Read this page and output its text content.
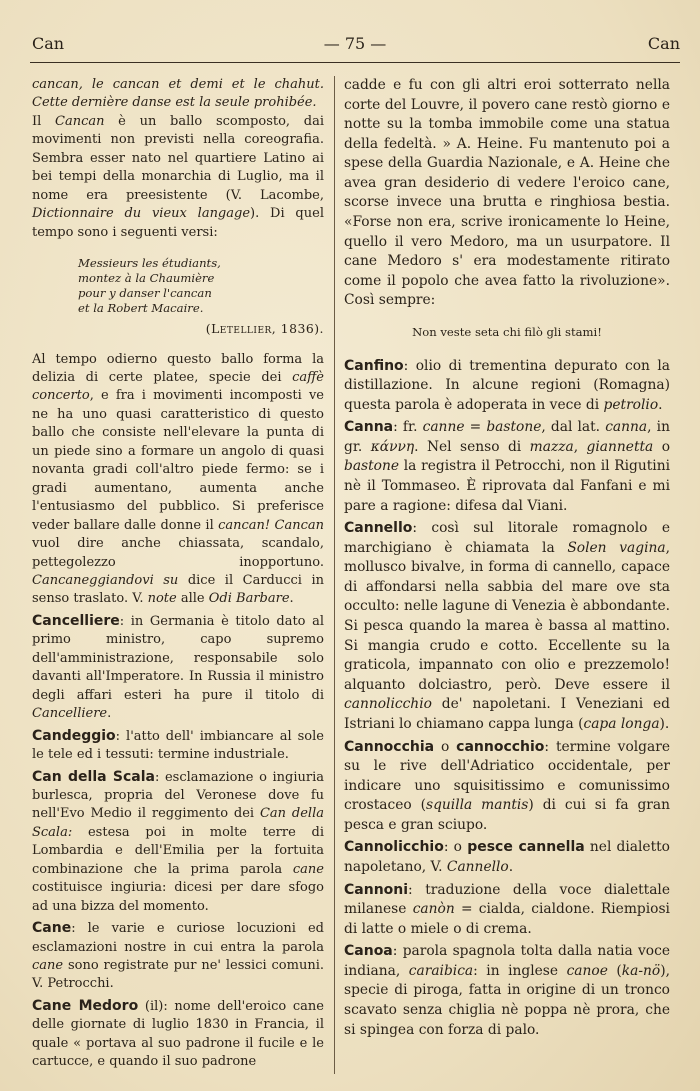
Can	— 75 —	Can

cancan, le cancan et demi et le chahut. Cette dernière danse est la seule prohibée.

Il Cancan è un ballo scomposto, dai movimenti non previsti nella coreografia. Sembra esser nato nel quartiere Latino ai bei tempi della monarchia di Luglio, ma il nome era preesistente (V. Lacombe, Dictionnaire du vieux langage). Di quel tempo sono i seguenti versi:

Messieurs les étudiants,
montez à la Chaumière
pour y danser l'cancan
et la Robert Macaire.
(Letellier, 1836).

Al tempo odierno questo ballo forma la delizia di certe platee, specie dei caffè concerto, e fra i movimenti incomposti ve ne ha uno quasi caratteristico di questo ballo che consiste nell'elevare la punta di un piede sino a formare un angolo di quasi novanta gradi coll'altro piede fermo: se i gradi aumentano, aumenta anche l'entusiasmo del pubblico. Si preferisce veder ballare dalle donne il cancan! Cancan vuol dire anche chiassata, scandalo, pettegolezzo inopportuno. Cancaneggiandovi su dice il Carducci in senso traslato. V. note alle Odi Barbare.

Cancelliere: in Germania è titolo dato al primo ministro, capo supremo dell'amministrazione, responsabile solo davanti all'Imperatore. In Russia il ministro degli affari esteri ha pure il titolo di Cancelliere.

Candeggio: l'atto dell' imbiancare al sole le tele ed i tessuti: termine industriale.

Can della Scala: esclamazione o ingiuria burlesca, propria del Veronese dove fu nell'Evo Medio il reggimento dei Can della Scala: estesa poi in molte terre di Lombardia e dell'Emilia per la fortuita combinazione che la prima parola cane costituisce ingiuria: dicesi per dare sfogo ad una bizza del momento.

Cane: le varie e curiose locuzioni ed esclamazioni nostre in cui entra la parola cane sono registrate pur ne' lessici comuni. V. Petrocchi.

Cane Medoro (il): nome dell'eroico cane delle giornate di luglio 1830 in Francia, il quale « portava al suo padrone il fucile e le cartucce, e quando il suo padrone

cadde e fu con gli altri eroi sotterrato nella corte del Louvre, il povero cane restò giorno e notte su la tomba immobile come una statua della fedeltà. » A. Heine. Fu mantenuto poi a spese della Guardia Nazionale, e A. Heine che avea gran desiderio di vedere l'eroico cane, scorse invece una brutta e ringhiosa bestia. «Forse non era, scrive ironicamente lo Heine, quello il vero Medoro, ma un usurpatore. Il cane Medoro s' era modestamente ritirato come il popolo che avea fatto la rivoluzione». Così sempre:

Non veste seta chi filò gli stami!

Canfino: olio di trementina depurato con la distillazione. In alcune regioni (Romagna) questa parola è adoperata in vece di petrolio.

Canna: fr. canne = bastone, dal lat. canna, in gr. κάννη. Nel senso di mazza, giannetta o bastone la registra il Petrocchi, non il Rigutini nè il Tommaseo. È riprovata dal Fanfani e mi pare a ragione: difesa dal Viani.

Cannello: così sul litorale romagnolo e marchigiano è chiamata la Solen vagina, mollusco bivalve, in forma di cannello, capace di affondarsi nella sabbia del mare ove sta occulto: nelle lagune di Venezia è abbondante. Si pesca quando la marea è bassa al mattino. Si mangia crudo e cotto. Eccellente su la graticola, impannato con olio e prezzemolo! alquanto dolciastro, però. Deve essere il cannolicchio de' napoletani. I Veneziani ed Istriani lo chiamano cappa lunga (capa longa).

Cannocchia o cannocchio: termine volgare su le rive dell'Adriatico occidentale, per indicare uno squisitissimo e comunissimo crostaceo (squilla mantis) di cui si fa gran pesca e gran sciupo.

Cannolicchio: o pesce cannella nel dialetto napoletano, V. Cannello.

Cannoni: traduzione della voce dialettale milanese canòn = cialda, cialdone. Riempiosi di latte o miele o di crema.

Canoa: parola spagnola tolta dalla natia voce indiana, caraibica: in inglese canoe (ka-nö), specie di piroga, fatta in origine di un tronco scavato senza chiglia nè poppa nè prora, che si spingea con forza di palo.
